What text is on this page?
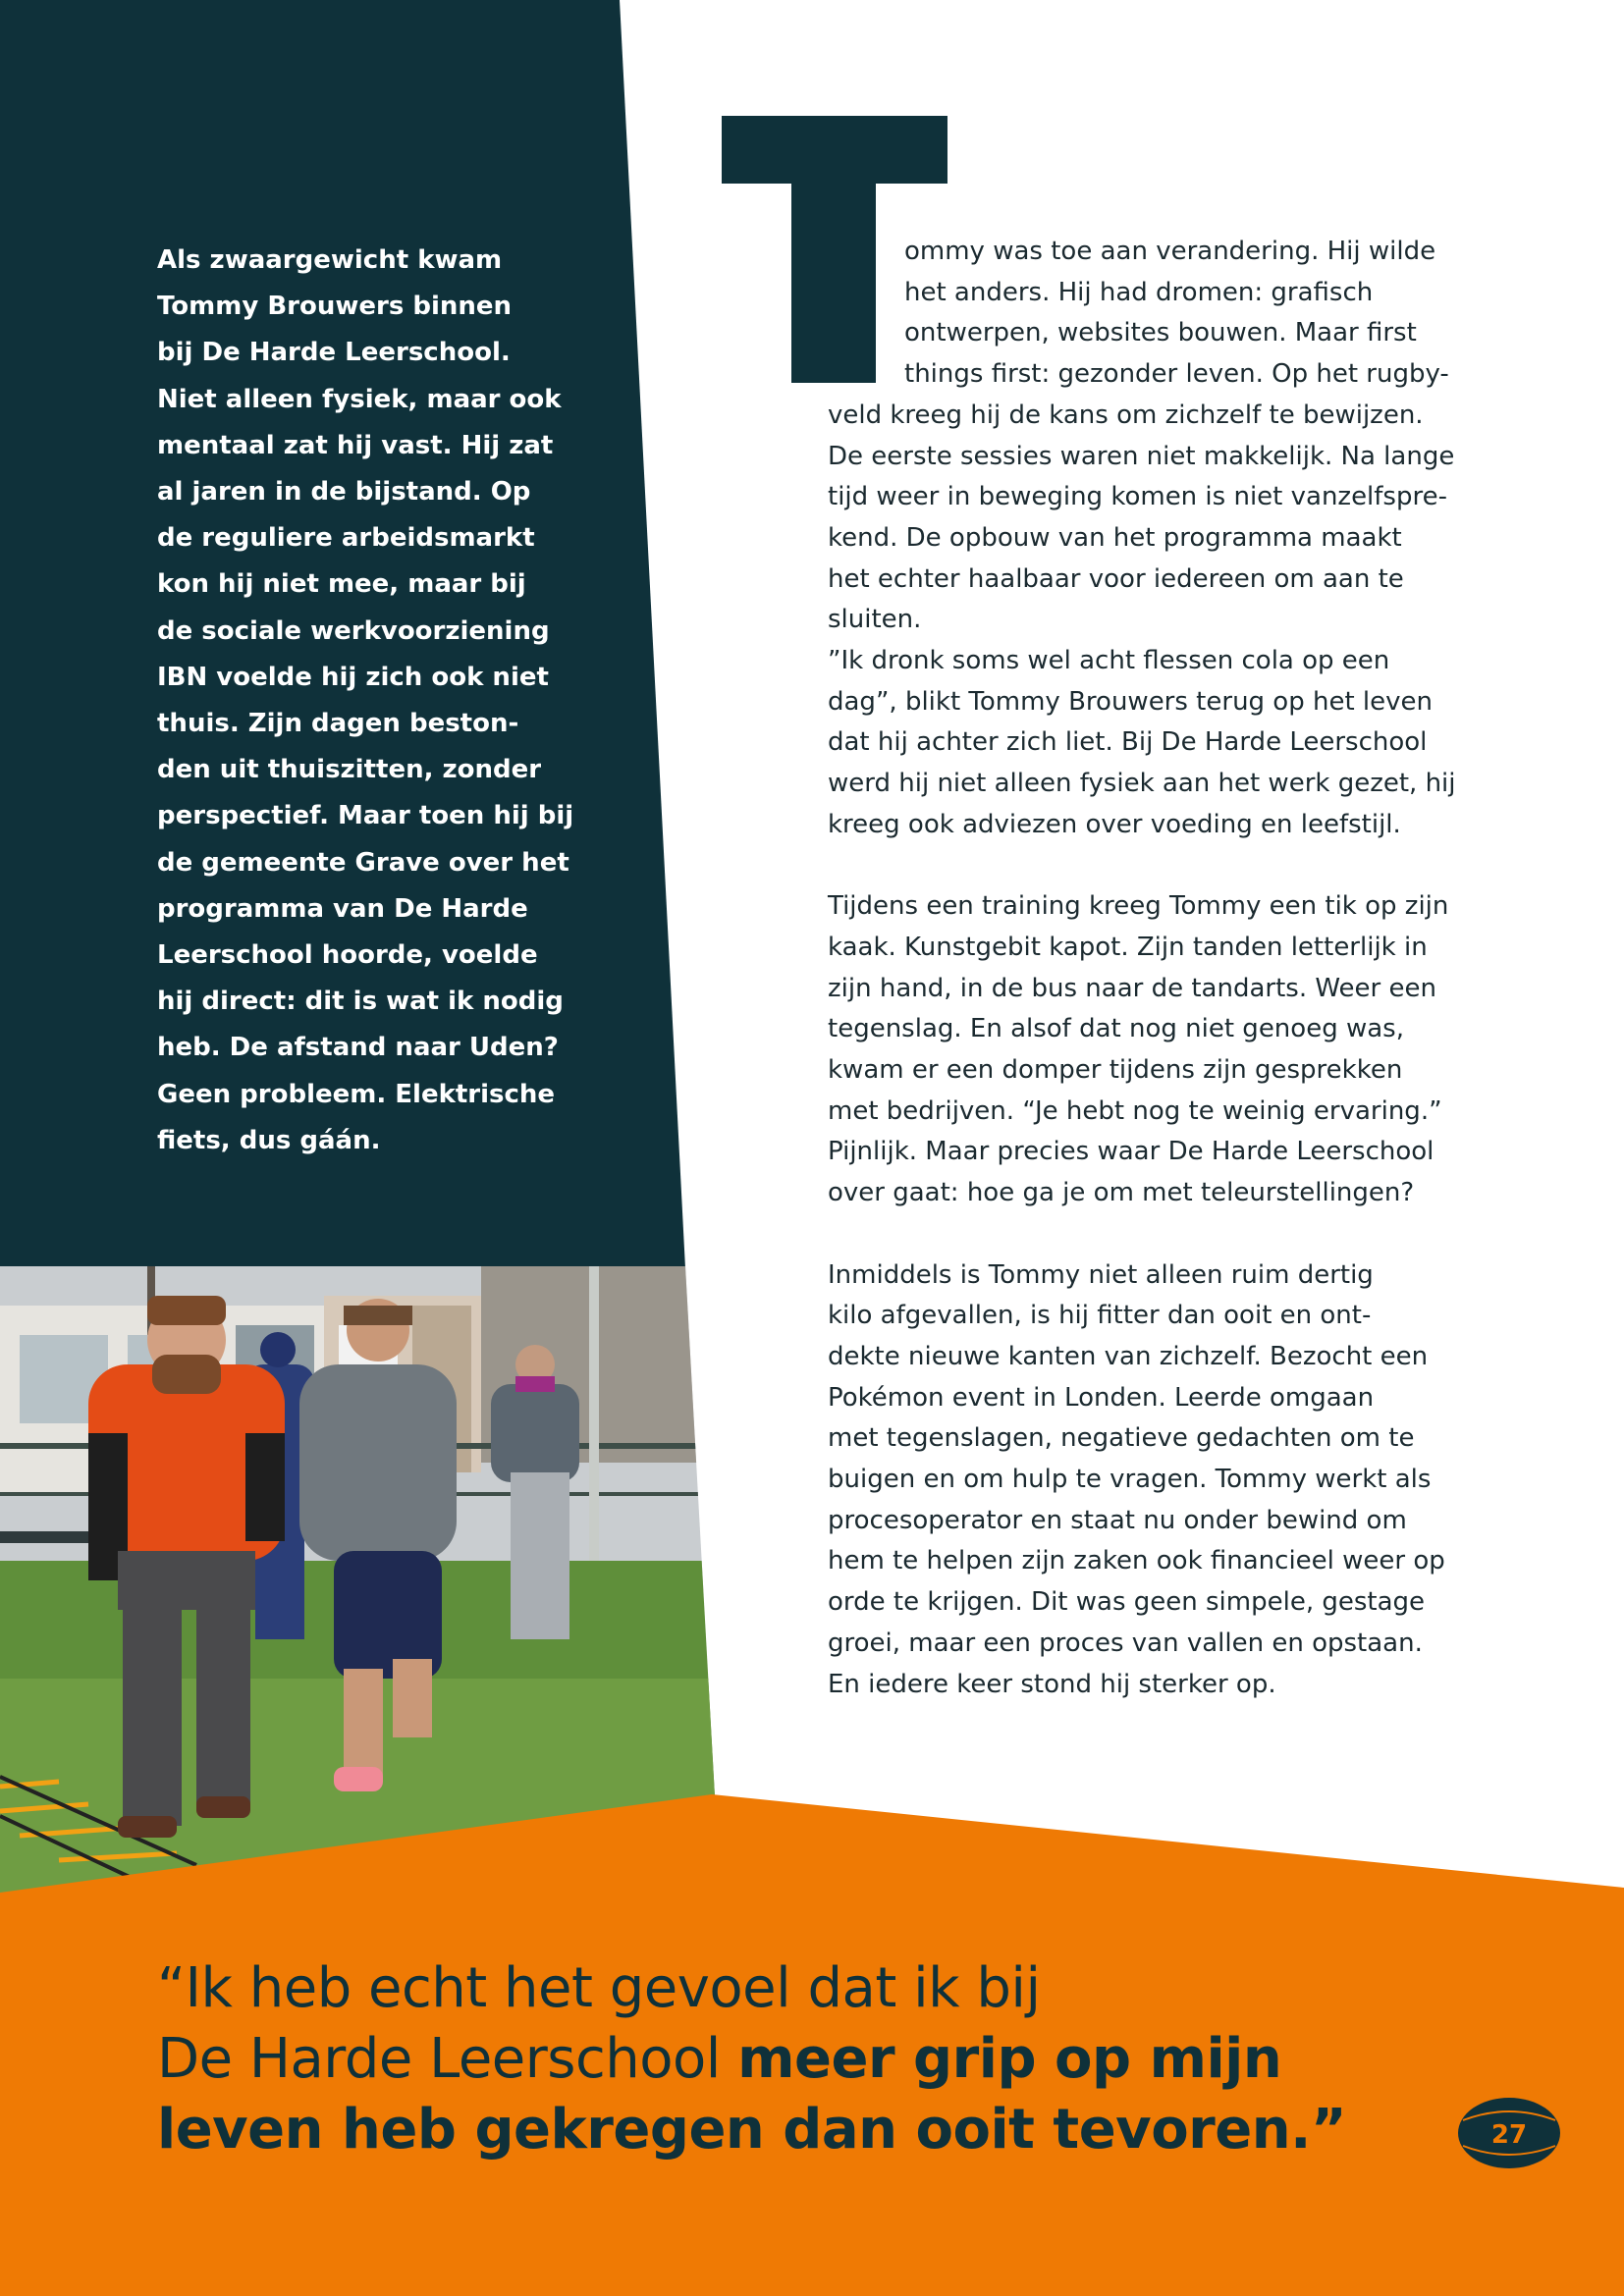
Als zwaargewicht kwam
Tommy Brouwers binnen
bij De Harde Leerschool.
Niet alleen fysiek, maar ook
mentaal zat hij vast. Hij zat
al jaren in de bijstand. Op
de reguliere arbeidsmarkt
kon hij niet mee, maar bij
de sociale werkvoorziening
IBN voelde hij zich ook niet
thuis. Zijn dagen beston-
den uit thuiszitten, zonder
perspectief. Maar toen hij bij
de gemeente Grave over het
programma van De Harde
Leerschool hoorde, voelde
hij direct: dit is wat ik nodig
heb. De afstand naar Uden?
Geen probleem. Elektrische
fiets, dus gáán.

ommy was toe aan verandering. Hij wilde
het anders. Hij had dromen: grafisch
ontwerpen, websites bouwen. Maar first
things first: gezonder leven. Op het rugby-
veld kreeg hij de kans om zichzelf te bewijzen.
De eerste sessies waren niet makkelijk. Na lange
tijd weer in beweging komen is niet vanzelfspre-
kend. De opbouw van het programma maakt
het echter haalbaar voor iedereen om aan te
sluiten.
”Ik dronk soms wel acht flessen cola op een
dag”, blikt Tommy Brouwers terug op het leven
dat hij achter zich liet. Bij De Harde Leerschool
werd hij niet alleen fysiek aan het werk gezet, hij
kreeg ook adviezen over voeding en leefstijl.
Tijdens een training kreeg Tommy een tik op zijn
kaak. Kunstgebit kapot. Zijn tanden letterlijk in
zijn hand, in de bus naar de tandarts. Weer een
tegenslag. En alsof dat nog niet genoeg was,
kwam er een domper tijdens zijn gesprekken
met bedrijven. “Je hebt nog te weinig ervaring.”
Pijnlijk. Maar precies waar De Harde Leerschool
over gaat: hoe ga je om met teleurstellingen?
Inmiddels is Tommy niet alleen ruim dertig
kilo afgevallen, is hij fitter dan ooit en ont-
dekte nieuwe kanten van zichzelf. Bezocht een
Pokémon event in Londen. Leerde omgaan
met tegenslagen, negatieve gedachten om te
buigen en om hulp te vragen. Tommy werkt als
procesoperator en staat nu onder bewind om
hem te helpen zijn zaken ook financieel weer op
orde te krijgen. Dit was geen simpele, gestage
groei, maar een proces van vallen en opstaan.
En iedere keer stond hij sterker op.

“Ik heb echt het gevoel dat ik bij
De Harde Leerschool meer grip op mijn
leven heb gekregen dan ooit tevoren.”	27
